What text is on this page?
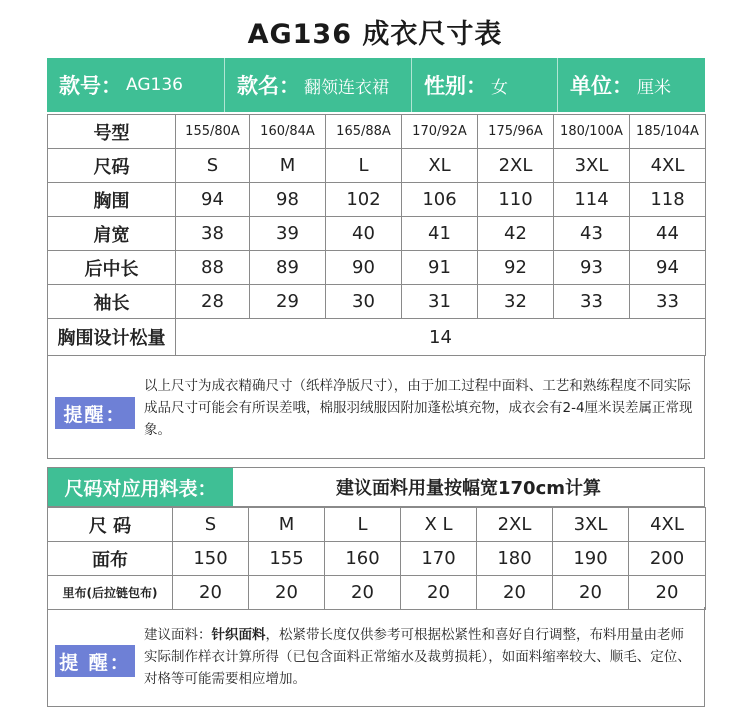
AG136 成衣尺寸表
款号： AG136	款名： 翻领连衣裙 性别： 女	单位： 厘米
号型	155/80A	160/84A	165/88A	170/92A	175/96A	180/100A	185/104A
尺码	S	M	L	XL	2XL	3XL	4XL
胸围	94	98	102	106	110	114	118
肩宽	38	39	40	41	42	43	44
后中长	88	89	90	91	92	93	94
袖长	28	29	30	31	32	33	33
胸围设计松量	14						
提醒：
以上尺寸为成衣精确尺寸（纸样净版尺寸），由于加工过程中面料、工艺和熟练程度不同实际成品尺寸可能会有所误差哦，棉服羽绒服因附加蓬松填充物，成衣会有2-4厘米误差属正常现象。
尺码对应用料表：	建议面料用量按幅宽170cm计算
尺 码	S	M	L	X L	2XL	3XL	4XL
面布	150	155	160	170	180	190	200
里布(后拉链包布)	20	20	20	20	20	20	20
提 醒：
建议面料：针织面料，松紧带长度仅供参考可根据松紧性和喜好自行调整，布料用量由老师实际制作样衣计算所得（已包含面料正常缩水及裁剪损耗），如面料缩率较大、顺毛、定位、对格等可能需要相应增加。
